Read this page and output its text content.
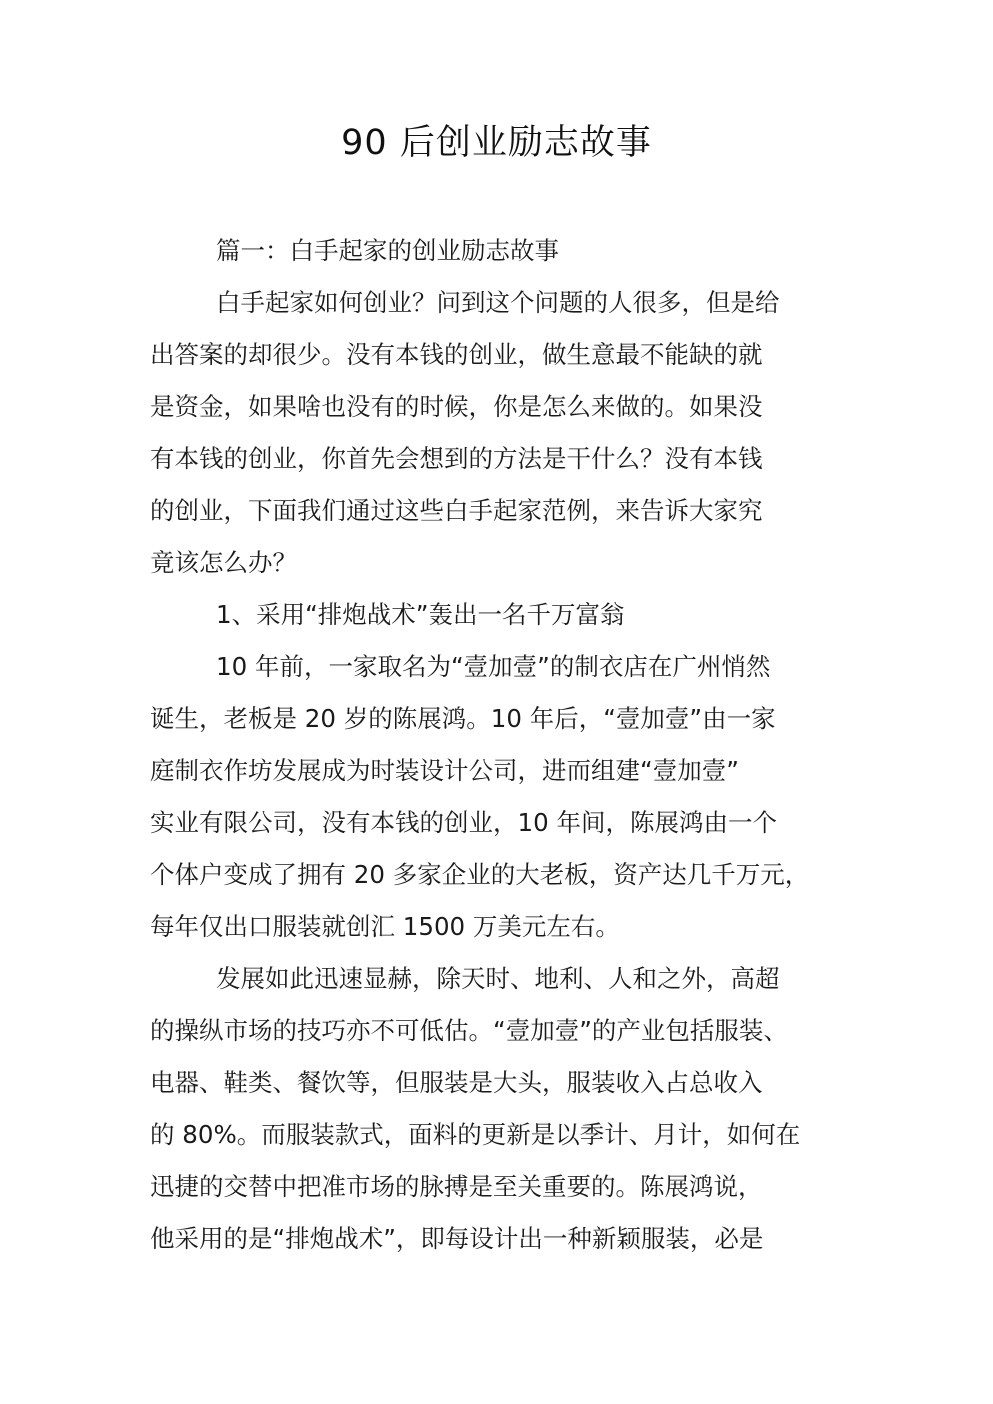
90 后创业励志故事
篇一：白手起家的创业励志故事
白手起家如何创业？问到这个问题的人很多，但是给
出答案的却很少。没有本钱的创业，做生意最不能缺的就
是资金，如果啥也没有的时候，你是怎么来做的。如果没
有本钱的创业，你首先会想到的方法是干什么？没有本钱
的创业，下面我们通过这些白手起家范例，来告诉大家究
竟该怎么办？
1、采用“排炮战术”轰出一名千万富翁
10 年前，一家取名为“壹加壹”的制衣店在广州悄然
诞生，老板是 20 岁的陈展鸿。10 年后，“壹加壹”由一家
庭制衣作坊发展成为时装设计公司，进而组建“壹加壹”
实业有限公司，没有本钱的创业，10 年间，陈展鸿由一个
个体户变成了拥有 20 多家企业的大老板，资产达几千万元，
每年仅出口服装就创汇 1500 万美元左右。
发展如此迅速显赫，除天时、地利、人和之外，高超
的操纵市场的技巧亦不可低估。“壹加壹”的产业包括服装、
电器、鞋类、餐饮等，但服装是大头，服装收入占总收入
的 80%。而服装款式，面料的更新是以季计、月计，如何在
迅捷的交替中把准市场的脉搏是至关重要的。陈展鸿说，
他采用的是“排炮战术”，即每设计出一种新颖服装，必是
